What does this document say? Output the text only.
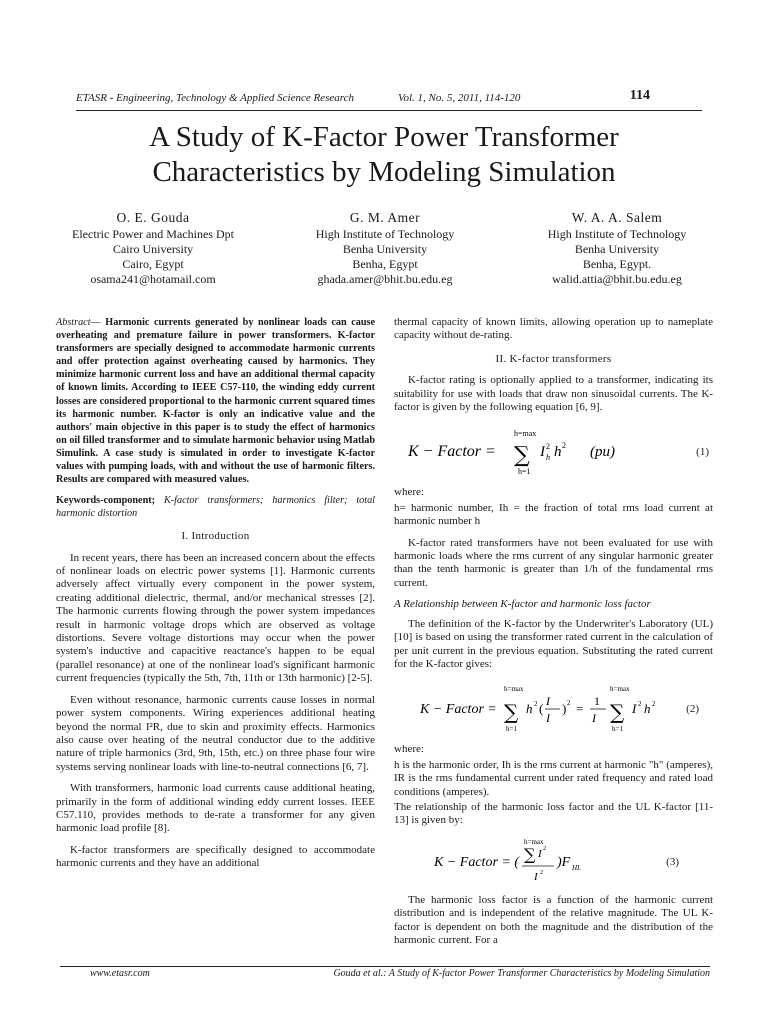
ETASR - Engineering, Technology & Applied Science Research	Vol. 1, No. 5, 2011, 114-120	114
A Study of K-Factor Power Transformer
Characteristics by Modeling Simulation
O. E. Gouda
Electric Power and Machines Dpt
Cairo University
Cairo, Egypt
osama241@hotamail.com
G. M. Amer
High Institute of Technology
Benha University
Benha, Egypt
ghada.amer@bhit.bu.edu.eg
W. A. A. Salem
High Institute of Technology
Benha University
Benha, Egypt.
walid.attia@bhit.bu.edu.eg

Abstract— Harmonic currents generated by nonlinear loads can cause overheating and premature failure in power transformers. K-factor transformers are specially designed to accommodate harmonic currents and offer protection against overheating caused by harmonics. They minimize harmonic current loss and have an additional thermal capacity of known limits. According to IEEE C57-110, the winding eddy current losses are considered proportional to the harmonic current squared times its harmonic number. K-factor is only an indicative value and the authors' main objective in this paper is to study the effect of harmonics on oil filled transformer and to simulate harmonic behavior using Matlab Simulink. A case study is simulated in order to investigate K-factor values with pumping loads, with and without the use of harmonic filters. Results are compared with measured values.

Keywords-component; K-factor transformers; harmonics filter; total harmonic distortion

I. Introduction

In recent years, there has been an increased concern about the effects of nonlinear loads on electric power systems [1]. Harmonic currents adversely affect virtually every component in the power system, creating additional dielectric, thermal, and/or mechanical stresses [2]. The harmonic currents flowing through the power system impedances result in harmonic voltage drops which are observed as voltage distortions. Severe voltage distortions may occur when the power system's inductive and capacitive reactance's happen to be equal (parallel resonance) at one of the nonlinear load's significant harmonic current frequencies (typically the 5th, 7th, 11th or 13th harmonic) [2-5].

Even without resonance, harmonic currents cause losses in normal power system components. Wiring experiences additional heating beyond the normal I²R, due to skin and proximity effects. Harmonics also cause over heating of the neutral conductor due to the additive nature of triple harmonics (3rd, 9th, 15th, etc.) on three phase four wire systems serving nonlinear loads with line-to-neutral connections [6, 7].

With transformers, harmonic load currents cause additional heating, primarily in the form of additional winding eddy current losses. IEEE C57.110, provides methods to de-rate a transformer for any given harmonic load profile [8].

K-factor transformers are specifically designed to accommodate harmonic currents and they have an additional

thermal capacity of known limits, allowing operation up to nameplate capacity without de-rating.

II. K-factor transformers

K-factor rating is optionally applied to a transformer, indicating its suitability for use with loads that draw non sinusoidal currents. The K-factor is given by the following equation [6, 9].

K − Factor =
h=max
∑
h=1
I 2
h h 2 (pu)	(1)

where:

h= harmonic number, Ih = the fraction of total rms load current at harmonic number h

K-factor rated transformers have not been evaluated for use with harmonic loads where the rms current of any singular harmonic greater than the tenth harmonic is greater than 1/h of the fundamental rms current.

A Relationship between K-factor and harmonic loss factor

The definition of the K-factor by the Underwriter's Laboratory (UL) [10] is based on using the transformer rated current in the calculation of per unit current in the previous equation. Substituting the rated current for the K-factor gives:

K − Factor =
h=max
∑
h=1
h 2 ( I
I
) 2 = 1
I
h=max
∑
h=1
I 2 h 2	(2)

where:

h is the harmonic order, Ih is the rms current at harmonic "h" (amperes), IR is the rms fundamental current under rated frequency and rated load conditions (amperes).

The relationship of the harmonic loss factor and the UL K-factor [11-13] is given by:

K − Factor = (
h=max
∑ I 2
I 2
)F HL	(3)

The harmonic loss factor is a function of the harmonic current distribution and is independent of the relative magnitude. The UL K-factor is dependent on both the magnitude and the distribution of the harmonic current. For a

www.etasr.com	Gouda et al.: A Study of K-factor Power Transformer Characteristics by Modeling Simulation
